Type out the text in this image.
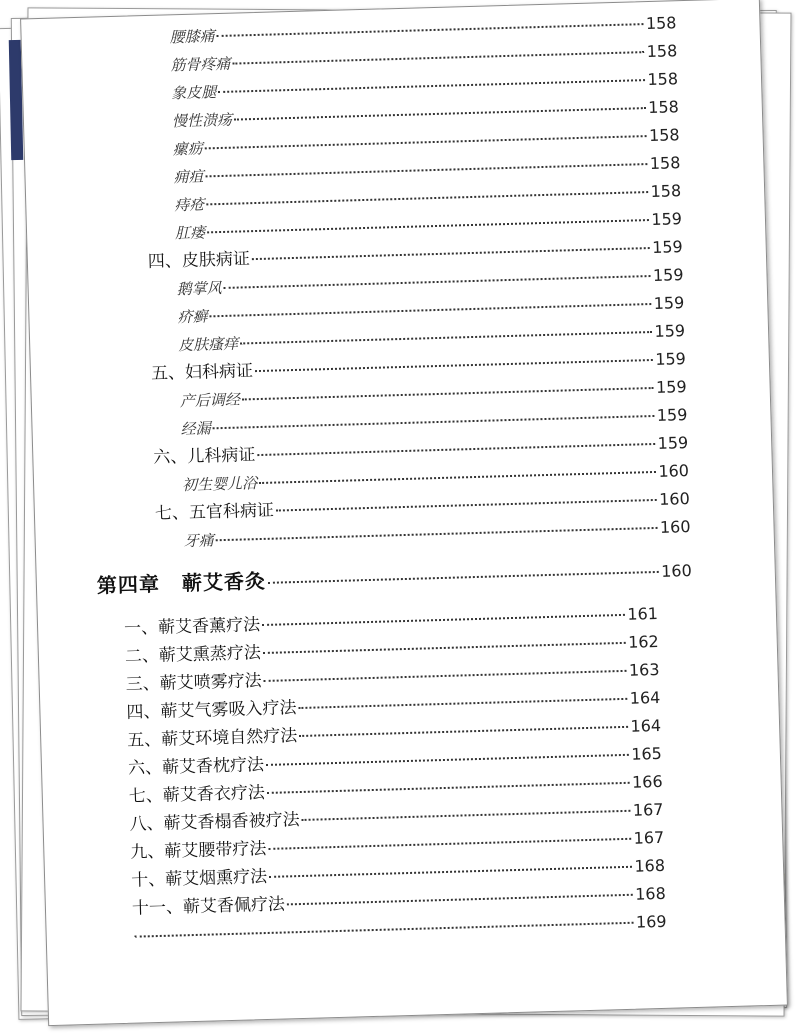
腰膝痛
158
筋骨疼痛
158
象皮腿
158
慢性溃疡
158
瘰疬
158
痈疽
158
痔疮
158
肛瘘
159
四、皮肤病证
159
鹅掌风
159
疥癣
159
皮肤瘙痒
159
五、妇科病证
159
产后调经
159
经漏
159
六、儿科病证
159
初生婴儿浴
160
七、五官科病证
160
牙痛
160
第四章 蕲艾香灸	160
一、蕲艾香薰疗法
161
二、蕲艾熏蒸疗法
162
三、蕲艾喷雾疗法
163
四、蕲艾气雾吸入疗法
164
五、蕲艾环境自然疗法
164
六、蕲艾香枕疗法
165
七、蕲艾香衣疗法
166
八、蕲艾香榻香被疗法
167
九、蕲艾腰带疗法
167
十、蕲艾烟熏疗法
168
十一、蕲艾香佩疗法
168
169
